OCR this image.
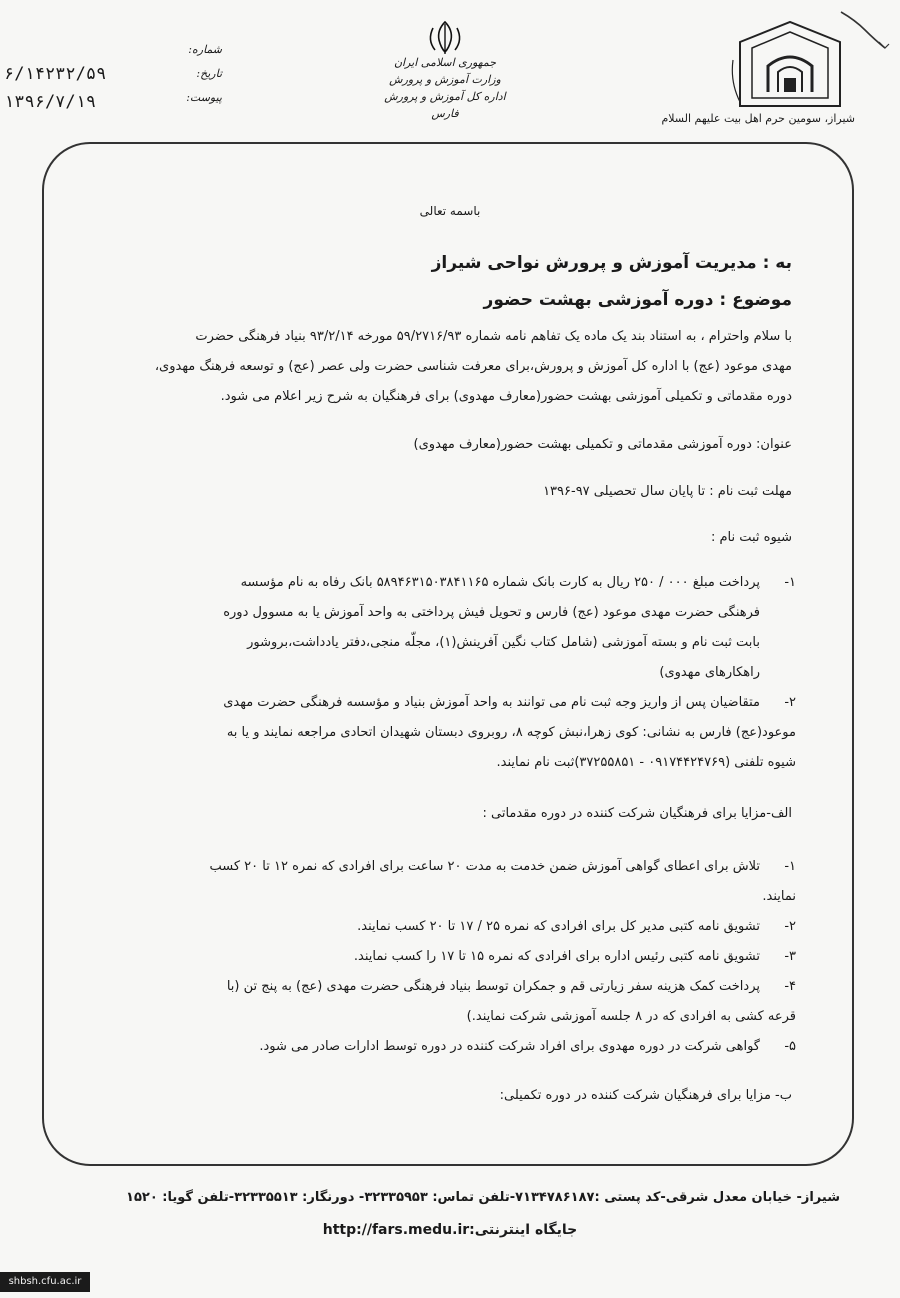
شیراز، سومین حرم اهل بیت علیهم السلام
جمهوری اسلامی ایران
وزارت آموزش و پرورش
اداره کل آموزش و پرورش فارس
شماره:
تاریخ:
پیوست:
۶/۱۴۲۳۲/۵۹
۱۳۹۶/۷/۱۹
باسمه تعالی
به : مدیریت آموزش و پرورش نواحی شیراز
موضوع : دوره آموزشی بهشت حضور
با سلام واحترام ، به استناد بند یک ماده یک تفاهم نامه شماره ۵۹/۲۷۱۶/۹۳ مورخه ۹۳/۲/۱۴ بنیاد فرهنگی حضرت
مهدی موعود (عج) با اداره کل آموزش و پرورش،برای معرفت شناسی حضرت ولی عصر (عج) و توسعه فرهنگ مهدوی،
دوره مقدماتی و تکمیلی آموزشی بهشت حضور(معارف مهدوی) برای فرهنگیان به شرح زیر اعلام می شود.
عنوان: دوره آموزشی مقدماتی و تکمیلی بهشت حضور(معارف مهدوی)
مهلت ثبت نام : تا پایان سال تحصیلی ۹۷-۱۳۹۶
شیوه ثبت نام :
۱-
پرداخت مبلغ ۰۰۰ / ۲۵۰ ریال به کارت بانک شماره ۵۸۹۴۶۳۱۵۰۳۸۴۱۱۶۵ بانک رفاه به نام مؤسسه
فرهنگی حضرت مهدی موعود (عج) فارس و تحویل فیش پرداختی به واحد آموزش یا به مسوول دوره
بابت ثبت نام و بسته آموزشی (شامل کتاب نگین آفرینش(۱)، مجلّه منجی،دفتر یادداشت،بروشور
راهکارهای مهدوی)
۲-
متقاضیان پس از واریز وجه ثبت نام می توانند به واحد آموزش بنیاد و مؤسسه فرهنگی حضرت مهدی
موعود(عج) فارس به نشانی: کوی زهرا،نبش کوچه ۸، روبروی دبستان شهیدان اتحادی مراجعه نمایند و یا به
شیوه تلفنی (۰۹۱۷۴۴۲۴۷۶۹ - ۳۷۲۵۵۸۵۱)ثبت نام نمایند.
الف-مزایا برای فرهنگیان شرکت کننده در دوره مقدماتی :
۱-
تلاش برای اعطای گواهی آموزش ضمن خدمت به مدت ۲۰ ساعت برای افرادی که نمره ۱۲ تا ۲۰ کسب
نمایند.
۲-
تشویق نامه کتبی مدیر کل برای افرادی که نمره ۲۵ / ۱۷ تا ۲۰ کسب نمایند.
۳-
تشویق نامه کتبی رئیس اداره برای افرادی که نمره ۱۵ تا ۱۷ را کسب نمایند.
۴-
پرداخت کمک هزینه سفر زیارتی قم و جمکران توسط بنیاد فرهنگی حضرت مهدی (عج) به پنج تن (با
قرعه کشی به افرادی که در ۸ جلسه آموزشی شرکت نمایند.)
۵-
گواهی شرکت در دوره مهدوی برای افراد شرکت کننده در دوره توسط ادارات صادر می شود.
ب- مزایا برای فرهنگیان شرکت کننده در دوره تکمیلی:
شیراز- خیابان معدل شرقی-کد پستی :۷۱۳۴۷۸۶۱۸۷-تلفن تماس: ۳۲۳۳۵۹۵۳- دورنگار: ۳۲۳۳۵۵۱۳-تلفن گویا: ۱۵۲۰
جایگاه اینترنتی:http://fars.medu.ir
shbsh.cfu.ac.ir
